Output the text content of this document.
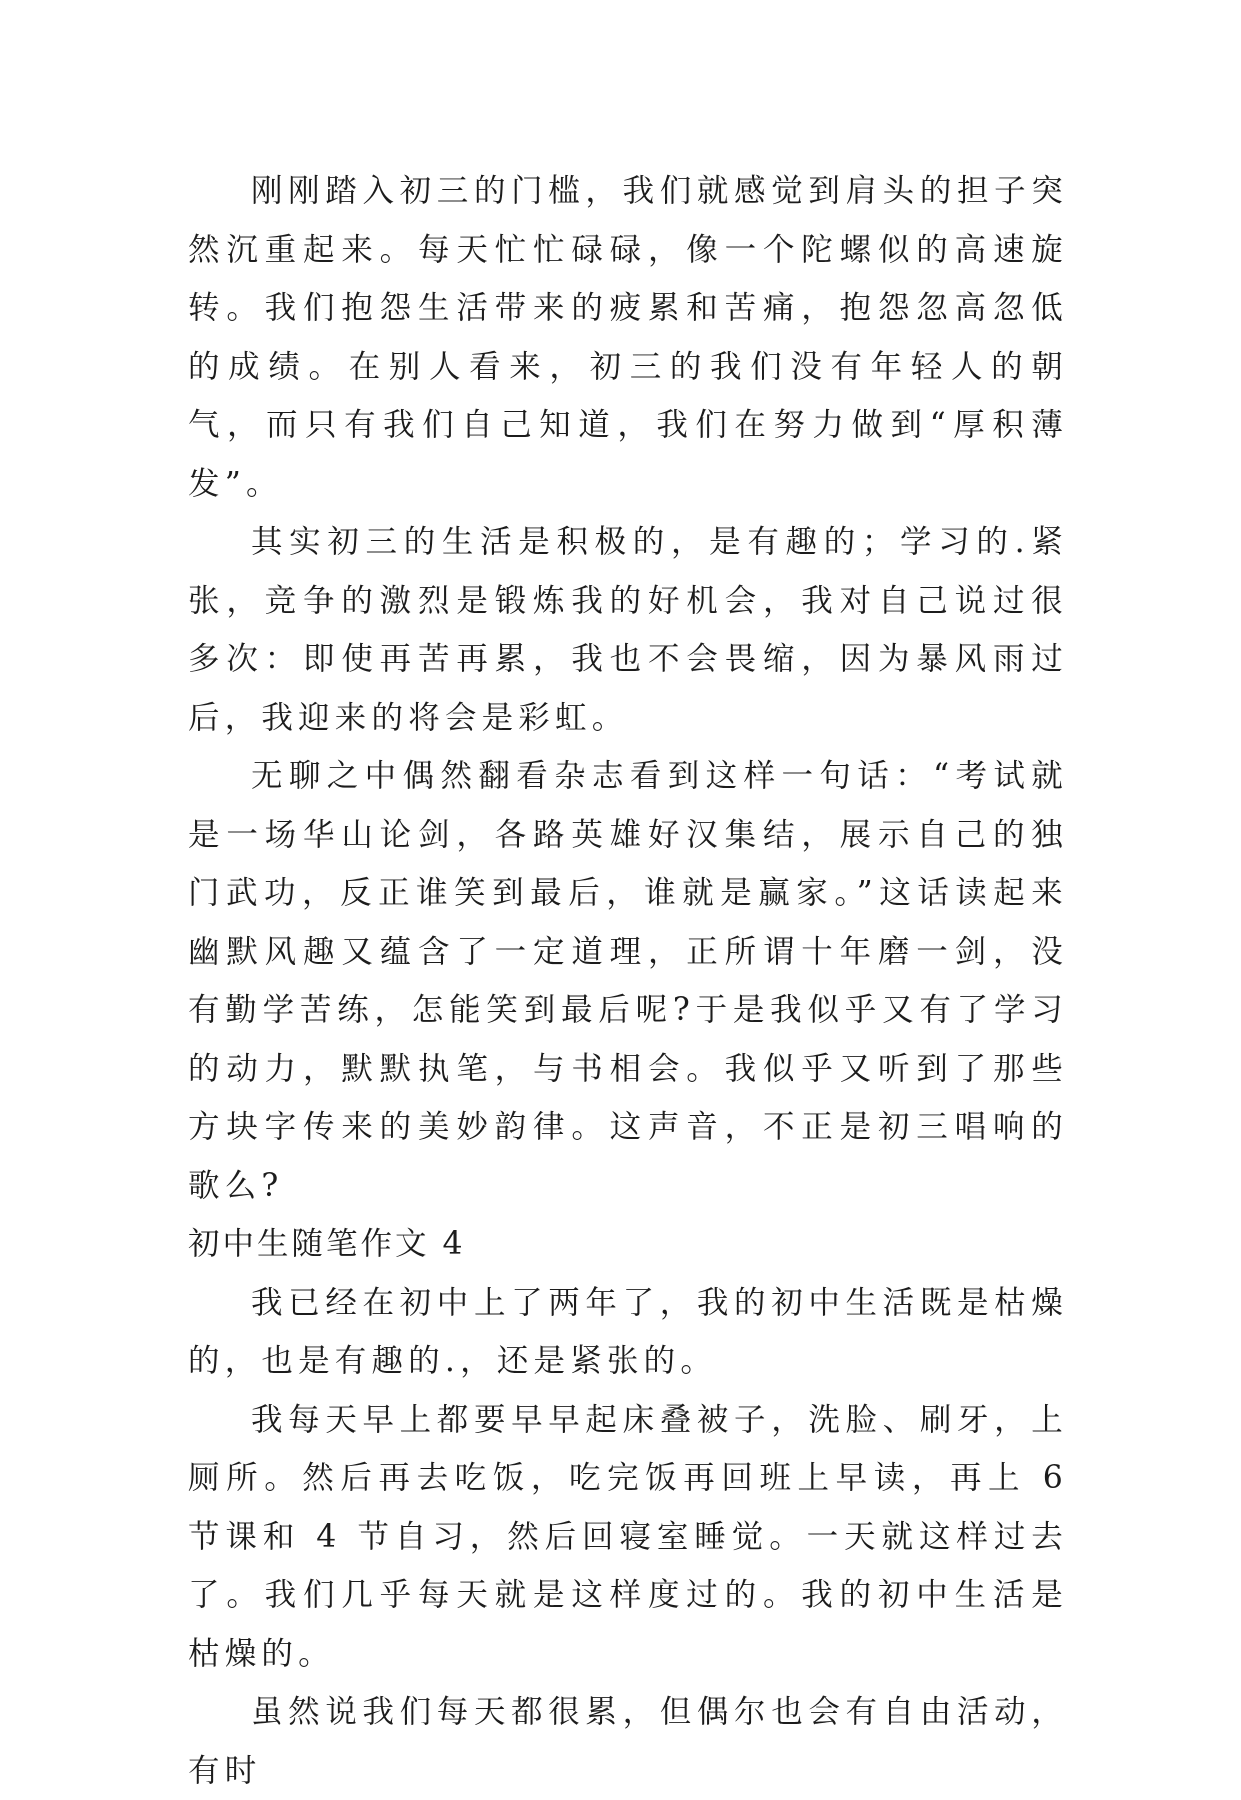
刚刚踏入初三的门槛，我们就感觉到肩头的担子突然沉重起来。每天忙忙碌碌，像一个陀螺似的高速旋转。我们抱怨生活带来的疲累和苦痛，抱怨忽高忽低的成绩。在别人看来，初三的我们没有年轻人的朝气，而只有我们自己知道，我们在努力做到“厚积薄发”。

其实初三的生活是积极的，是有趣的；学习的.紧张，竞争的激烈是锻炼我的好机会，我对自己说过很多次：即使再苦再累，我也不会畏缩，因为暴风雨过后，我迎来的将会是彩虹。

无聊之中偶然翻看杂志看到这样一句话：“考试就是一场华山论剑，各路英雄好汉集结，展示自己的独门武功，反正谁笑到最后，谁就是赢家。”这话读起来幽默风趣又蕴含了一定道理，正所谓十年磨一剑，没有勤学苦练，怎能笑到最后呢?于是我似乎又有了学习的动力，默默执笔，与书相会。我似乎又听到了那些方块字传来的美妙韵律。这声音，不正是初三唱响的歌么?

初中生随笔作文 4

我已经在初中上了两年了，我的初中生活既是枯燥的，也是有趣的.，还是紧张的。

我每天早上都要早早起床叠被子，洗脸、刷牙，上厕所。然后再去吃饭，吃完饭再回班上早读，再上 6 节课和 4 节自习，然后回寝室睡觉。一天就这样过去了。我们几乎每天就是这样度过的。我的初中生活是枯燥的。

虽然说我们每天都很累，但偶尔也会有自由活动，有时
